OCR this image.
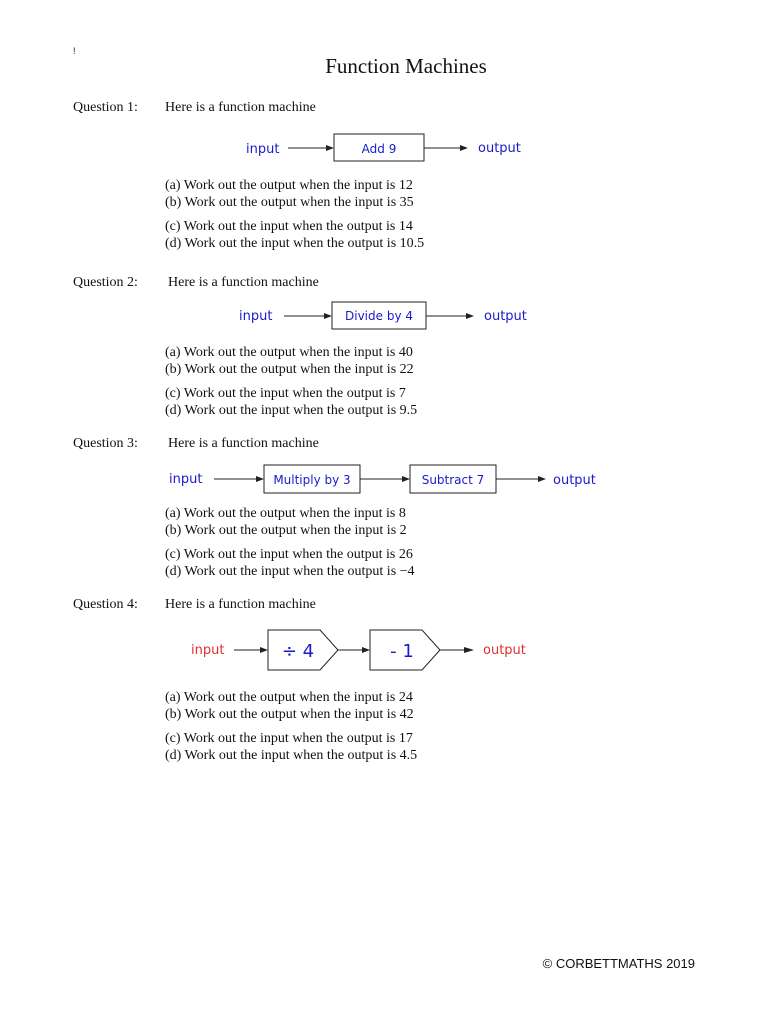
!
Function Machines
Question 1: Here is a function machine
input	Add 9	output
(a) Work out the output when the input is 12
(b) Work out the output when the input is 35
(c) Work out the input when the output is 14
(d) Work out the input when the output is 10.5
Question 2: Here is a function machine
input	Divide by 4	output
(a) Work out the output when the input is 40
(b) Work out the output when the input is 22
(c) Work out the input when the output is 7
(d) Work out the input when the output is 9.5
Question 3: Here is a function machine
input	Multiply by 3	Subtract 7	output
(a) Work out the output when the input is 8
(b) Work out the output when the input is 2
(c) Work out the input when the output is 26
(d) Work out the input when the output is −4
Question 4: Here is a function machine
input	÷ 4	- 1	output
(a) Work out the output when the input is 24
(b) Work out the output when the input is 42
(c) Work out the input when the output is 17
(d) Work out the input when the output is 4.5
© CORBETTMATHS 2019
